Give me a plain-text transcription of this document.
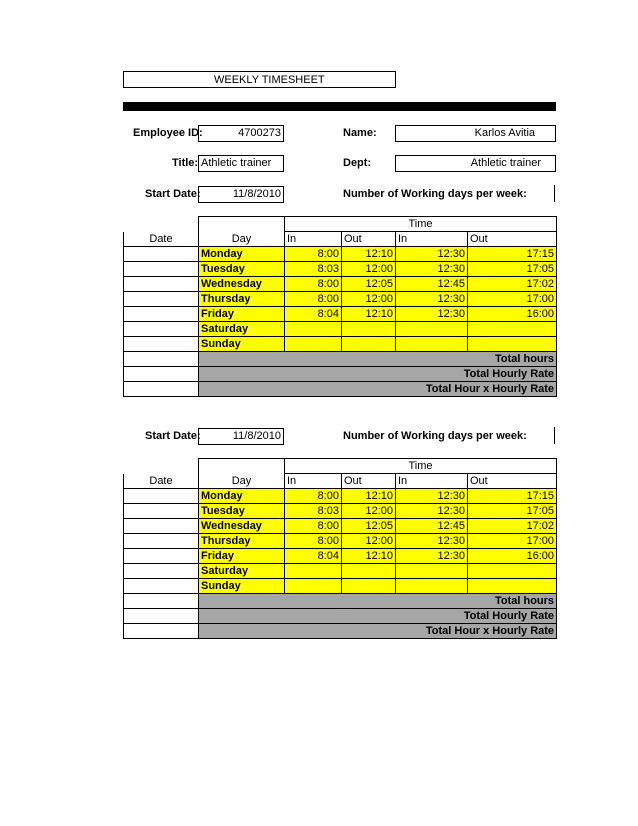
WEEKLY TIMESHEET
Employee ID:	4700273	Name:	Karlos Avitia
Title: Athletic trainer	Dept:	Athletic trainer
Start Date:	11/8/2010	Number of Working days per week:
		Time			
Date	Day	In	Out	In	Out
	Monday	8:00	12:10	12:30	17:15
	Tuesday	8:03	12:00	12:30	17:05
	Wednesday	8:00	12:05	12:45	17:02
	Thursday	8:00	12:00	12:30	17:00
	Friday	8:04	12:10	12:30	16:00
	Saturday				
	Sunday				
	Total hours				
	Total Hourly Rate				
	Total Hour x Hourly Rate				
Start Date:	11/8/2010	Number of Working days per week:
		Time			
Date	Day	In	Out	In	Out
	Monday	8:00	12:10	12:30	17:15
	Tuesday	8:03	12:00	12:30	17:05
	Wednesday	8:00	12:05	12:45	17:02
	Thursday	8:00	12:00	12:30	17:00
	Friday	8:04	12:10	12:30	16:00
	Saturday				
	Sunday				
	Total hours				
	Total Hourly Rate				
	Total Hour x Hourly Rate				
